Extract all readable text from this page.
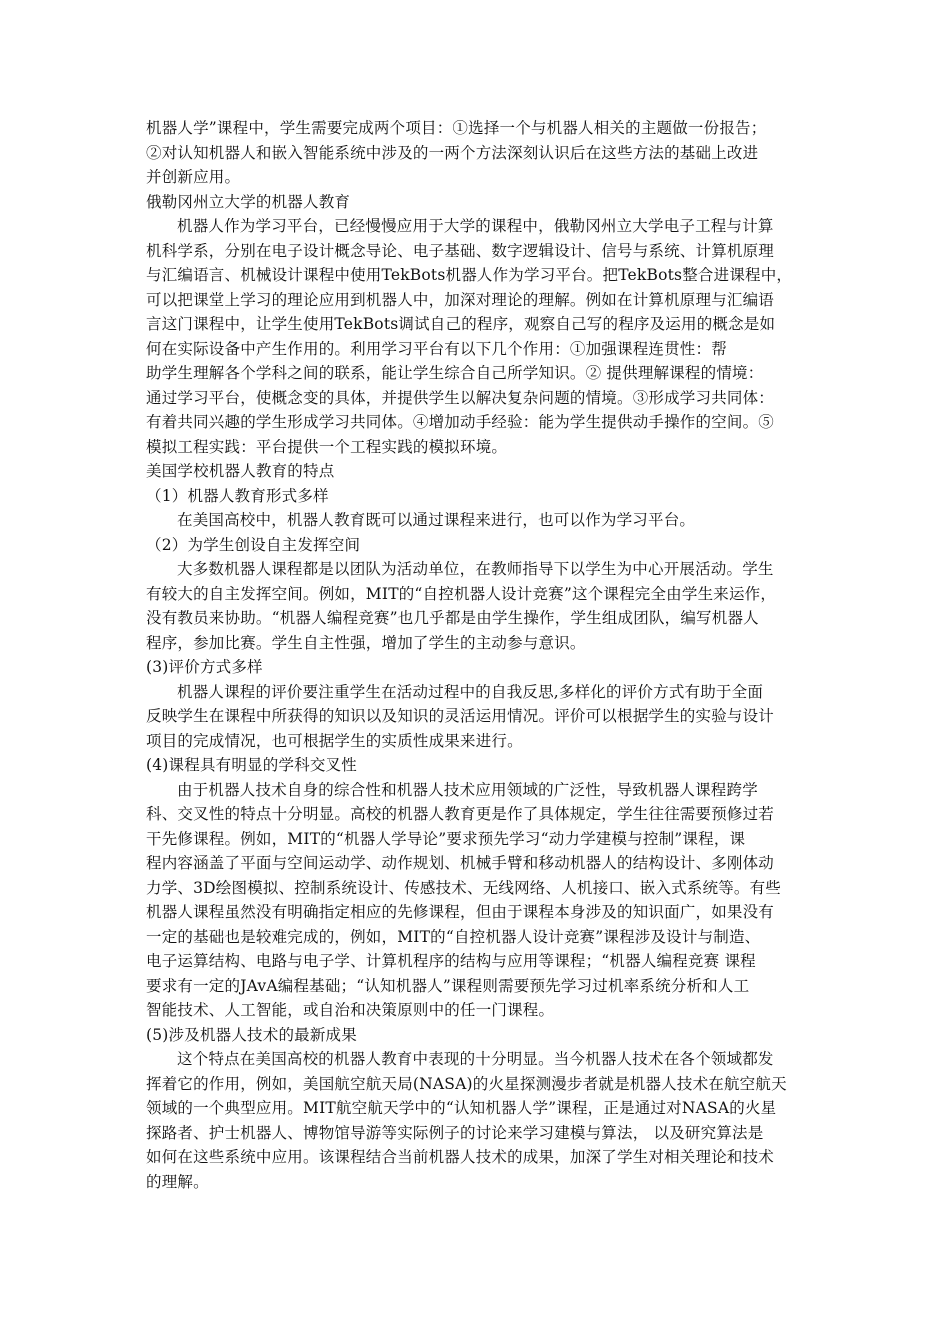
机器人学”课程中，学生需要完成两个项目：①选择一个与机器人相关的主题做一份报告；
②对认知机器人和嵌入智能系统中涉及的一两个方法深刻认识后在这些方法的基础上改进
并创新应用。
俄勒冈州立大学的机器人教育
机器人作为学习平台，已经慢慢应用于大学的课程中，俄勒冈州立大学电子工程与计算
机科学系，分别在电子设计概念导论、电子基础、数字逻辑设计、信号与系统、计算机原理
与汇编语言、机械设计课程中使用TekBots机器人作为学习平台。把TekBots整合进课程中，
可以把课堂上学习的理论应用到机器人中，加深对理论的理解。例如在计算机原理与汇编语
言这门课程中，让学生使用TekBots调试自己的程序，观察自己写的程序及运用的概念是如
何在实际设备中产生作用的。利用学习平台有以下几个作用：①加强课程连贯性：帮
助学生理解各个学科之间的联系，能让学生综合自己所学知识。② 提供理解课程的情境：
通过学习平台，使概念变的具体，并提供学生以解决复杂问题的情境。③形成学习共同体：
有着共同兴趣的学生形成学习共同体。④增加动手经验：能为学生提供动手操作的空间。⑤
模拟工程实践：平台提供一个工程实践的模拟环境。
美国学校机器人教育的特点
（1）机器人教育形式多样
在美国高校中，机器人教育既可以通过课程来进行，也可以作为学习平台。
（2）为学生创设自主发挥空间
大多数机器人课程都是以团队为活动单位，在教师指导下以学生为中心开展活动。学生
有较大的自主发挥空间。例如，MIT的“自控机器人设计竞赛”这个课程完全由学生来运作，
没有教员来协助。“机器人编程竞赛”也几乎都是由学生操作，学生组成团队，编写机器人
程序，参加比赛。学生自主性强，增加了学生的主动参与意识。
(3)评价方式多样
机器人课程的评价要注重学生在活动过程中的自我反思,多样化的评价方式有助于全面
反映学生在课程中所获得的知识以及知识的灵活运用情况。评价可以根据学生的实验与设计
项目的完成情况，也可根据学生的实质性成果来进行。
(4)课程具有明显的学科交叉性
由于机器人技术自身的综合性和机器人技术应用领域的广泛性，导致机器人课程跨学
科、交叉性的特点十分明显。高校的机器人教育更是作了具体规定，学生往往需要预修过若
干先修课程。例如，MIT的“机器人学导论”要求预先学习“动力学建模与控制”课程，课
程内容涵盖了平面与空间运动学、动作规划、机械手臂和移动机器人的结构设计、多刚体动
力学、3D绘图模拟、控制系统设计、传感技术、无线网络、人机接口、嵌入式系统等。有些
机器人课程虽然没有明确指定相应的先修课程，但由于课程本身涉及的知识面广，如果没有
一定的基础也是较难完成的，例如，MIT的“自控机器人设计竞赛”课程涉及设计与制造、
电子运算结构、电路与电子学、计算机程序的结构与应用等课程；“机器人编程竞赛 课程
要求有一定的JAvA编程基础；“认知机器人”课程则需要预先学习过机率系统分析和人工
智能技术、人工智能，或自治和决策原则中的任一门课程。
(5)涉及机器人技术的最新成果
这个特点在美国高校的机器人教育中表现的十分明显。当今机器人技术在各个领域都发
挥着它的作用，例如，美国航空航天局(NASA)的火星探测漫步者就是机器人技术在航空航天
领域的一个典型应用。MIT航空航天学中的“认知机器人学”课程，正是通过对NASA的火星
探路者、护士机器人、博物馆导游等实际例子的讨论来学习建模与算法， 以及研究算法是
如何在这些系统中应用。该课程结合当前机器人技术的成果，加深了学生对相关理论和技术
的理解。
